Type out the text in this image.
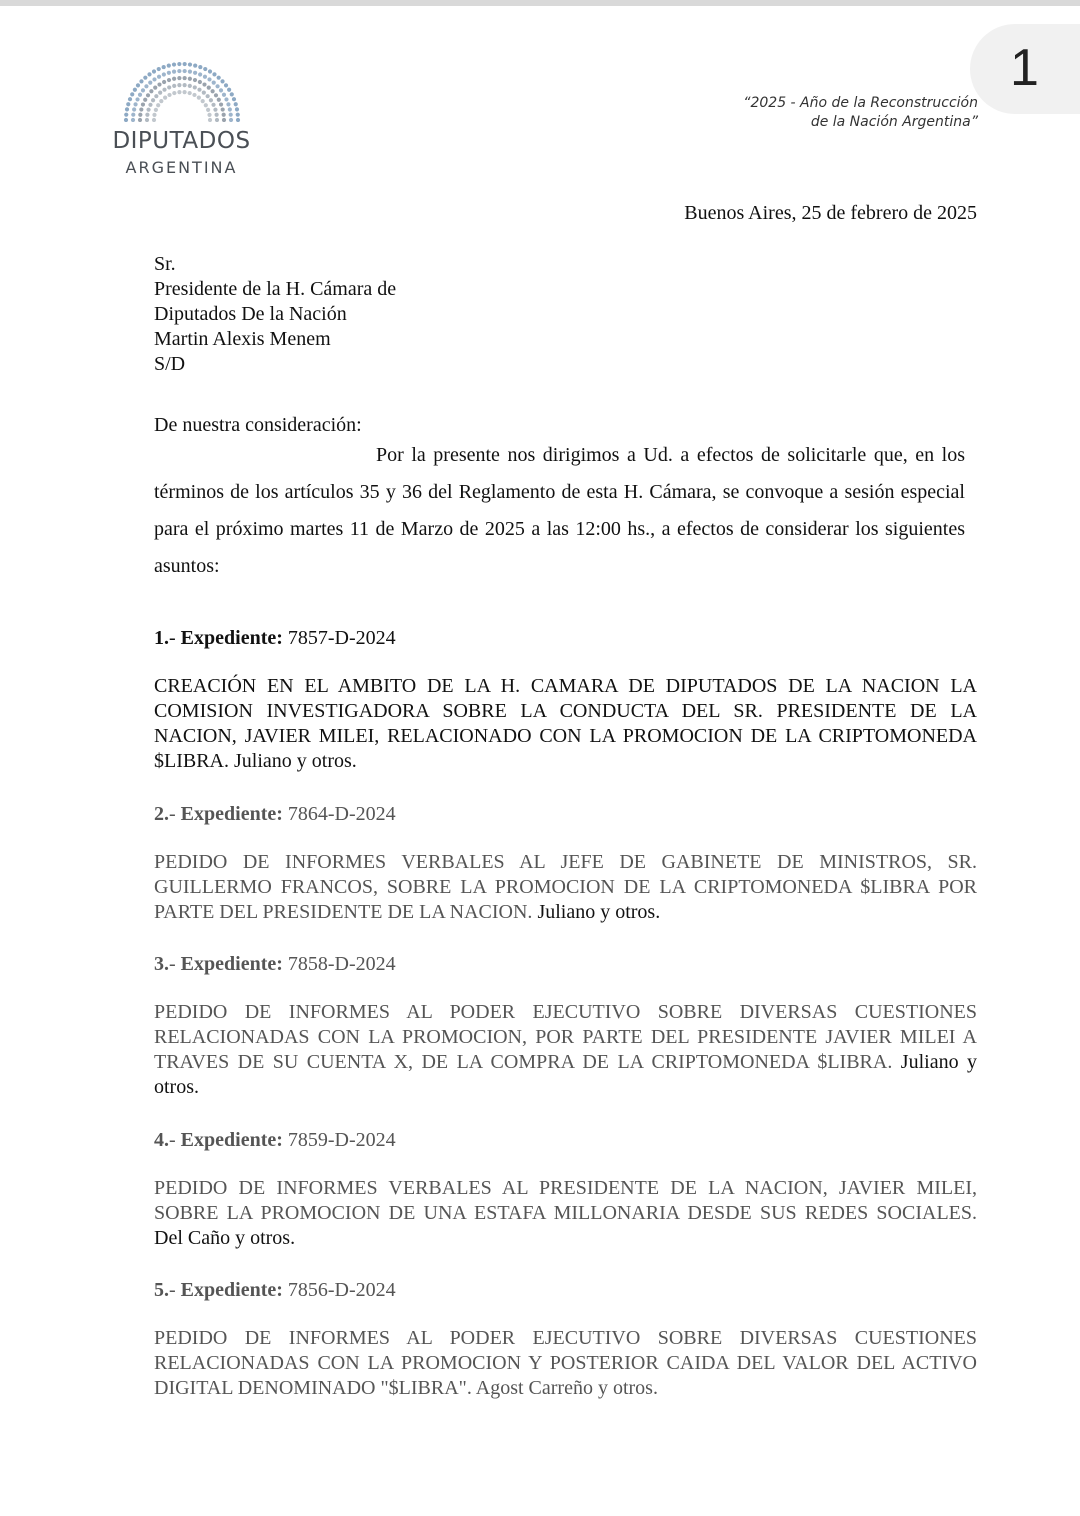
1
DIPUTADOS
ARGENTINA
“2025 - Año de la Reconstrucción
de la Nación Argentina”
Buenos Aires, 25 de febrero de 2025
Sr.
Presidente de la H. Cámara de
Diputados De la Nación
Martin Alexis Menem
S/D
De nuestra consideración:
Por la presente nos dirigimos a Ud. a efectos de solicitarle que, en los términos de los artículos 35 y 36 del Reglamento de esta H. Cámara, se convoque a sesión especial para el próximo martes 11 de Marzo de 2025 a las 12:00 hs., a efectos de considerar los siguientes asuntos:
1.- Expediente: 7857-D-2024
CREACIÓN EN EL AMBITO DE LA H. CAMARA DE DIPUTADOS DE LA NACION LA COMISION INVESTIGADORA SOBRE LA CONDUCTA DEL SR. PRESIDENTE DE LA NACION, JAVIER MILEI, RELACIONADO CON LA PROMOCION DE LA CRIPTOMONEDA $LIBRA. Juliano y otros.
2.- Expediente: 7864-D-2024
PEDIDO DE INFORMES VERBALES AL JEFE DE GABINETE DE MINISTROS, SR. GUILLERMO FRANCOS, SOBRE LA PROMOCION DE LA CRIPTOMONEDA $LIBRA POR PARTE DEL PRESIDENTE DE LA NACION. Juliano y otros.
3.- Expediente: 7858-D-2024
PEDIDO DE INFORMES AL PODER EJECUTIVO SOBRE DIVERSAS CUESTIONES RELACIONADAS CON LA PROMOCION, POR PARTE DEL PRESIDENTE JAVIER MILEI A TRAVES DE SU CUENTA X, DE LA COMPRA DE LA CRIPTOMONEDA $LIBRA. Juliano y otros.
4.- Expediente: 7859-D-2024
PEDIDO DE INFORMES VERBALES AL PRESIDENTE DE LA NACION, JAVIER MILEI, SOBRE LA PROMOCION DE UNA ESTAFA MILLONARIA DESDE SUS REDES SOCIALES. Del Caño y otros.
5.- Expediente: 7856-D-2024
PEDIDO DE INFORMES AL PODER EJECUTIVO SOBRE DIVERSAS CUESTIONES RELACIONADAS CON LA PROMOCION Y POSTERIOR CAIDA DEL VALOR DEL ACTIVO DIGITAL DENOMINADO "$LIBRA". Agost Carreño y otros.
